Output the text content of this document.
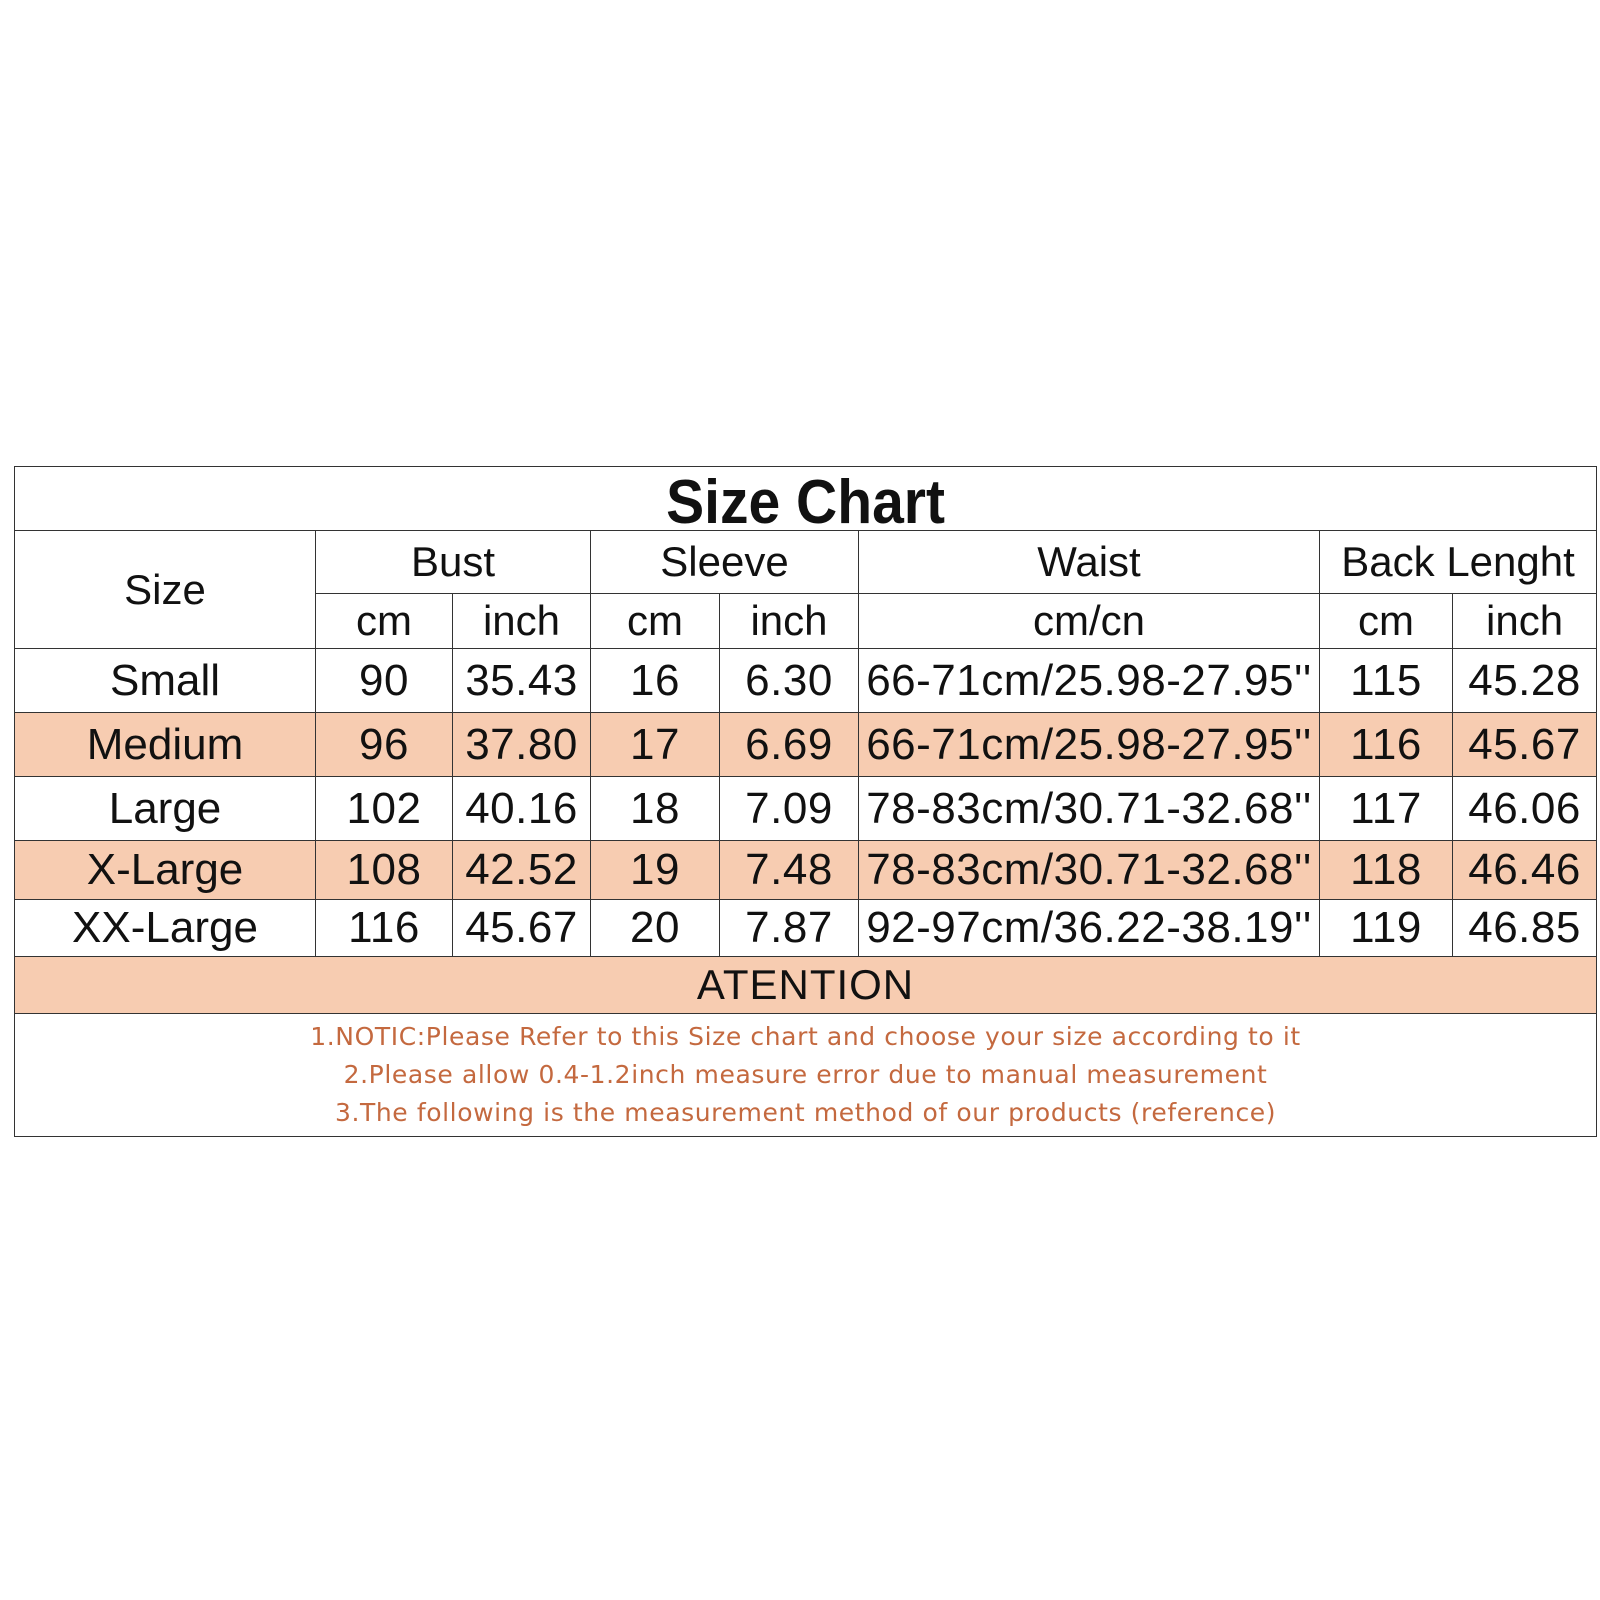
Size Chart							

Size	Bust		Sleeve		Waist	Back Lenght	
	cm	inch	cm	inch	cm/cn	cm	inch
Small	90	35.43	16	6.30	66-71cm/25.98-27.95''	115	45.28
Medium	96	37.80	17	6.69	66-71cm/25.98-27.95''	116	45.67
Large	102	40.16	18	7.09	78-83cm/30.71-32.68''	117	46.06
X-Large	108	42.52	19	7.48	78-83cm/30.71-32.68''	118	46.46
XX-Large	116	45.67	20	7.87	92-97cm/36.22-38.19''	119	46.85
ATENTION							

1.NOTIC:Please Refer to this Size chart and choose your size according to it
2.Please allow 0.4-1.2inch measure error due to manual measurement
3.The following is the measurement method of our products (reference)							
